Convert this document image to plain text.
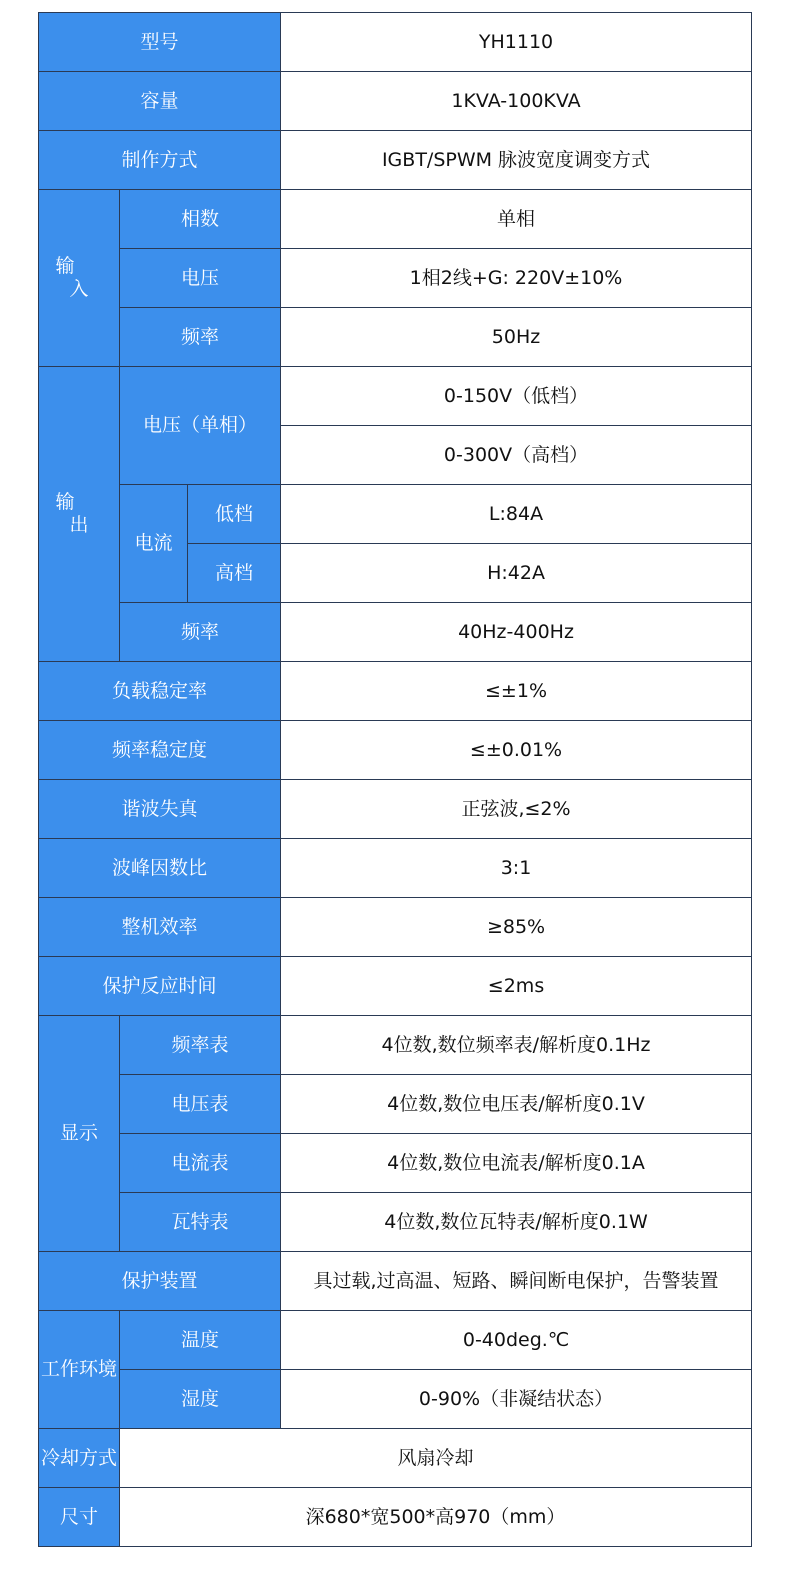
型号			YH1110
容量			1KVA-100KVA
制作方式			IGBT/SPWM 脉波宽度调变方式
输入	相数		单相
	电压		1相2线+G: 220V±10%
	频率		50Hz
输出	电压（单相）		0-150V（低档）
			0-300V（高档）
	电流	低档	L:84A
		高档	H:42A
	频率		40Hz-400Hz
负载稳定率			≤±1%
频率稳定度			≤±0.01%
谐波失真			正弦波,≤2%
波峰因数比			3:1
整机效率			≥85%
保护反应时间			≤2ms
显示	频率表		4位数,数位频率表/解析度0.1Hz
	电压表		4位数,数位电压表/解析度0.1V
	电流表		4位数,数位电流表/解析度0.1A
	瓦特表		4位数,数位瓦特表/解析度0.1W
保护装置			具过载,过高温、短路、瞬间断电保护，告警装置
工作环境	温度		0-40deg.℃
	湿度		0-90%（非凝结状态）
冷却方式	风扇冷却		
尺寸	深680*宽500*高970（mm）		
